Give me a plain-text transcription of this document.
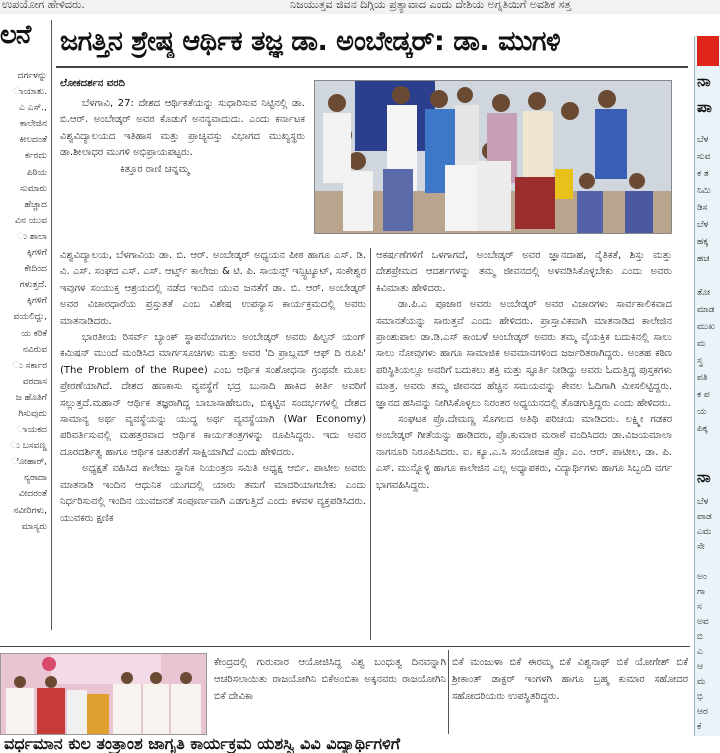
ಉಪಯೋಗ ಹೇಳಿದರು.	ನಿಜಯುತ್ತವ ಜಿವನ ದಿಗ್ಗಿಯ ಪ್ರತ್ಯಾವಾದ ಎಂದು ದೇಶಿಯ ಅಗ್ನತಿಯಿಗೆ ಅವಶಿಕ ಸತ್ತ
ಲನೆ
ದರ್ಗಳನ್ನು
ಾಯಾತು.
ಎ ಎಸ್.,
ಕಾಲೇಜಿನ
ಕೀಲದಂತೆ
ರ್ಕರದು
ಪಿಠಿಯ
ಸುಮಾರು
ಹೆಚ್ಚಾದ
ವಿನ ಯುವ
ು ಶಾಲಾ
ಕ್ಕಿಗಳಿಗೆ
ಕೇದಿಂದ
ಗಳುತ್ತದೆ.
ಕ್ಕಿಗಳಿಗೆ
ವಯಲಿದ್ದು,
ಯ ಕರಿಕೆ
ನವಿರುವ
ು ಸರ್ಕಾರ
ವರದಾಸ
ಜ ಹೊತಿಗೆ
ಗಿಸುವುದು
ಾಯಕದ
ು ಬಸವಣ್ಣ
ೋಹಾರ್,
ನ್ಯರಾದಾ
ವೀದರಂತೆ
ನವೀರಿಗಳು,
ಮಾಸ್ಯರು
ಜಗತ್ತಿನ ಶ್ರೇಷ್ಠ ಆರ್ಥಿಕ ತಜ್ಞ ಡಾ. ಅಂಬೇಡ್ಕರ್: ಡಾ. ಮುಗಳಿ
ಲೋಕದರ್ಶನ ವರದಿ

ಬೆಳಗಾವಿ, 27: ದೇಶದ ಆರ್ಥಿಕತೆಯನ್ನು ಸುಧಾರಿಸುವ ನಿಟ್ಟಿನಲ್ಲಿ ಡಾ. ಬಿ.ಆರ್. ಅಂಬೇಡ್ಕರ್ ಅವರ ಕೊಡುಗೆ ಅನನ್ಯವಾದುದು. ಎಂದು ಕರ್ನಾಟಕ ವಿಶ್ವವಿದ್ಯಾಲಯದ ಇತಿಹಾಸ ಮತ್ತು ಪ್ರಾಚ್ಯವಸ್ತು ವಿಭಾಗದ ಮುಖ್ಯಸ್ಥರು ಡಾ.ಶೀಲಾಧರ ಮುಗಳಿ ಅಭಿಪ್ರಾಯಪಟ್ಟರು.

ಕಿತ್ತೂರ ರಾಣಿ ಚನ್ನಮ್ಮ

ವಿಶ್ವವಿದ್ಯಾಲಯ, ಬೆಳಗಾವಿಯ ಡಾ. ಬಿ. ಆರ್. ಅಂಬೇಡ್ಕರ್ ಅಧ್ಯಯನ ಪೀಠ ಹಾಗೂ ಎಸ್. ಡಿ. ವಿ. ಎಸ್. ಸಂಘದ ಎಸ್. ಎಸ್. ಆರ್ಟ್ಸ್ ಕಾಲೇಜು & ಟಿ. ಪಿ. ಸಾಯನ್ಸ್ ಇನ್ಸ್ಟಿಟ್ಯೂಟ್, ಸಂಕೇಶ್ವರ ಇವುಗಳ ಸಂಯುಕ್ತ ಆಶ್ರಯದಲ್ಲಿ ನಡೆದ ಇಂದಿನ ಯುವ ಜನತೆಗೆ ಡಾ. ಬಿ. ಆರ್. ಅಂಬೇಡ್ಕರ್ ಅವರ ವಿಚಾರಧಾರೆಯ ಪ್ರಸ್ತುತತೆ ಎಂಬ ವಿಶೇಷ ಉಪನ್ಯಾಸ ಕಾರ್ಯಕ್ರಮದಲ್ಲಿ ಅವರು ಮಾತನಾಡಿದರು.

ಭಾರತೀಯ ರಿಸರ್ವ್ ಬ್ಯಾಂಕ್ ಸ್ಥಾಪನೆಯಾಗಲು ಅಂಬೇಡ್ಕರ್ ಅವರು ಹಿಲ್ಟನ್ ಯಂಗ್ ಕಮಿಷನ್ ಮುಂದೆ ಮಂಡಿಸಿದ ಮಾರ್ಗಸೂಚಿಗಳು ಮತ್ತು ಅವರ 'ದಿ ಪ್ರಾಬ್ಲಮ್ ಆಫ್ ದಿ ರೂಪಿ' (The Problem of the Rupee) ಎಂಬ ಆರ್ಥಿಕ ಸಂಶೋಧನಾ ಗ್ರಂಥವೇ ಮೂಲ ಪ್ರೇರಣೆಯಾಗಿದೆ. ದೇಶದ ಹಣಕಾಸು ವ್ಯವಸ್ಥೆಗೆ ಭದ್ರ ಬುನಾದಿ ಹಾಕಿದ ಕೀರ್ತಿ ಅವರಿಗೆ ಸಲ್ಲುತ್ತದೆ.ಮಹಾನ್ ಆರ್ಥಿಕ ತಜ್ಞರಾಗಿದ್ದ ಬಾಬಾಸಾಹೇಬರು, ಬಿಕ್ಕಟ್ಟಿನ ಸಂದರ್ಭಗಳಲ್ಲಿ ದೇಶದ ಸಾಮಾನ್ಯ ಅರ್ಥ ವ್ಯವಸ್ಥೆಯನ್ನು ಯುದ್ಧ ಅರ್ಥ ವ್ಯವಸ್ಥೆಯಾಗಿ (War Economy) ಪರಿವರ್ತಿಸುವಲ್ಲಿ ಮಹತ್ತರವಾದ ಆರ್ಥಿಕ ಕಾರ್ಯತಂತ್ರಗಳನ್ನು ರೂಪಿಸಿದ್ದರು. ಇದು ಅವರ ದೂರದರ್ಶಿತ್ವ ಹಾಗೂ ಆರ್ಥಿಕ ಚತುರತೆಗೆ ಸಾಕ್ಷಿಯಾಗಿದೆ ಎಂದು ಹೇಳಿದರು.

ಅಧ್ಯಕ್ಷತೆ ವಹಿಸಿದ ಕಾಲೇಜು ಸ್ಥಾನಿಕ ನಿಯಂತ್ರಣ ಸಮಿತಿ ಅಧ್ಯಕ್ಷ ಆರ್ಬಿ. ಪಾಟೀಲ ಅವರು ಮಾತನಾಡಿ ಇಂದಿನ ಆಧುನಿಕ ಯುಗದಲ್ಲಿ ಯಾರು ತಮಗೆ ಮಾದರಿಯಾಗಬೇಕು ಎಂದು ನಿರ್ಧರಿಸುವಲ್ಲಿ ಇಂದಿನ ಯುವಜನತೆ ಸಂಪೂರ್ಣವಾಗಿ ಎಡಗುತ್ತಿದೆ ಎಂದು ಕಳವಳ ವ್ಯಕ್ತಪಡಿಸಿದರು. ಯುವಕರು ಕ್ಷಣಿಕ

ಆಕರ್ಷಣೆಗಳಿಗೆ ಒಳಗಾಗದೆ, ಅಂಬೇಡ್ಕರ್ ಅವರ ಜ್ಞಾನದಾಹ, ನೈತಿಕತೆ, ಶಿಸ್ತು ಮತ್ತು ದೇಶಪ್ರೇಮದ ಆದರ್ಶಗಳನ್ನು ತಮ್ಮ ಜೀವನದಲ್ಲಿ ಅಳವಡಿಸಿಕೊಳ್ಳಬೇಕು ಎಂದು ಅವರು ಕಿವಿಮಾತು ಹೇಳಿದರು.

ಡಾ.ಪಿ.ಎ ಪೂಜಾರ ಅವರು ಅಂಬೇಡ್ಕರ್ ಅವರ ವಿಚಾರಗಳು ಸಾರ್ವಕಾಲಿಕವಾದ ಸಮಾನತೆಯನ್ನು ಸಾರುತ್ತವೆ ಎಂದು ಹೇಳಿದರು. ಪ್ರಾಸ್ತಾವಿಕವಾಗಿ ಮಾತನಾಡಿದ ಕಾಲೇಜಿನ ಪ್ರಾಂಶುಪಾಲ ಡಾ.ಡಿ.ಎಸ್ ಕಾಂಬಳೆ ಅಂಬೇಡ್ಕರ್ ಅವರು ತಮ್ಮ ವೈಯಕ್ತಿಕ ಬದುಕಿನಲ್ಲಿ ಸಾಲು ಸಾಲು ನೋವುಗಳು ಹಾಗೂ ಸಾಮಾಜಿಕ ಅವಮಾನಗಳಿಂದ ಜರ್ಜರಿತರಾಗಿದ್ದರು. ಅಂತಹ ಕಠಿಣ ಪರಿಸ್ಥಿತಿಯಲ್ಲೂ ಅವರಿಗೆ ಬದುಕಲು ಶಕ್ತಿ ಮತ್ತು ಸ್ಫೂರ್ತಿ ನೀಡಿದ್ದು ಅವರು ಓದುತ್ತಿದ್ದ ಪುಸ್ತಕಗಳು ಮಾತ್ರ. ಅವರು ತಮ್ಮ ಜೀವನದ ಹೆಚ್ಚಿನ ಸಮಯವನ್ನು ಕೇವಲ ಓದಿಗಾಗಿ ಮೀಸಲಿಟ್ಟಿದ್ದರು. ಜ್ಞಾನದ ಹಸಿವನ್ನು ನೀಗಿಸಿಕೊಳ್ಳಲು ನಿರಂತರ ಅಧ್ಯಯನದಲ್ಲಿ ತೊಡಗುತ್ತಿದ್ದರು ಎಂದು ಹೇಳಿದರು.

ಸಂಘಟಕ ಪ್ರೊ.ದೇಮಣ್ಣ ಸೊಗಲದ ಅತಿಥಿ ಪರಿಚಯ ಮಾಡಿದರು. ಲಕ್ಷ್ಮೀ ಗಡಕರ ಅಂಬೇಡ್ಕರ್ ಗೀತೆಯನ್ನು ಹಾಡಿದರು, ಪ್ರೊ.ಕುಮಾರ ಮರಾಠೆ ವಂದಿಸಿದರು ಡಾ.ವಿಜಯಮಾಲಾ ನಾಗನೂರಿ ನಿರೂಪಿಸಿದರು. ಐ. ಕ್ಯೂ.ಎ.ಸಿ ಸಂಯೋಜಕ ಪ್ರೊ. ಎಂ. ಆರ್. ಪಾಟೀಲ, ಡಾ. ಪಿ. ಎಸ್. ಮುನ್ನೊಳ್ಳಿ ಹಾಗೂ ಕಾಲೇಜಿನ ಎಲ್ಲ ಅಧ್ಯಾಪಕರು, ವಿದ್ಯಾರ್ಥಿಗಳು ಹಾಗೂ ಸಿಬ್ಬಂದಿ ವರ್ಗ ಭಾಗವಹಿಸಿದ್ದರು.

ಕೇಂದ್ರದಲ್ಲಿ ಗುರುವಾರ ಆಯೋಜಿಸಿದ್ದ ವಿಶ್ವ ಬಂಧುತ್ವ ದಿನವನ್ನಾಗಿ ಆಚರಿಸಲಾಯಿತು ರಾಜಯೋಗಿನಿ ಬಿಕೆಅಂಬಿಕಾ ಅಕ್ಕನವರು ರಾಜಯೋಗಿನಿ ಬಿಕೆ ದೇವಿಕಾ

ಬಿಕೆ ಮಂಜುಳಾ ಬಿಕೆ ಈರಮ್ಮ ಬಿಕೆ ವಿಶ್ವನಾಥ್ ಬಿಕೆ ಯೋಗೇಶ್ ಬಿಕೆ ಶ್ರೀಕಾಂತ್ ಡಾಕ್ಟರ್ ಇಂಗಳಗಿ ಹಾಗೂ ಬ್ರಹ್ಮ ಕುಮಾರ ಸಹೋದರ ಸಹೋದರಿಯರು ಉಪಸ್ಥಿತರಿದ್ದರು.

ನಾ
ಪಾ
ಬೆಳ
ಸುವ
ಕ ತ
ನಿಮಿ
ಡಿಸ
ಬೆಳ
ಹಕ್ಕ
ಹಚ
ತೋ
ಮಾಡ
ಮುಖ
ಮ
ಸ್ತ್ರ
ಪತಿ
ಕ ಪ
ಯ
ಪಿಕ್ಕ
ನಾ
ಬೆಳ
ಪಾಡ
ಎಮ
ಸೇ
ಅಂ
ಗಾ
ಸ
ಅವ
ಬಿ
ಎ
ಆ
ಮ
ಭಿ
ಆರ
ಕೆ
ವರ್ಧಮಾನ ಕುಲ ತಂತ್ರಾಂಶ ಜಾಗೃತಿ ಕಾರ್ಯಕ್ರಮ ಯಶಸ್ವಿ ವಿವಿ ವಿದ್ಯಾರ್ಥಿಗಳಿಗೆ
